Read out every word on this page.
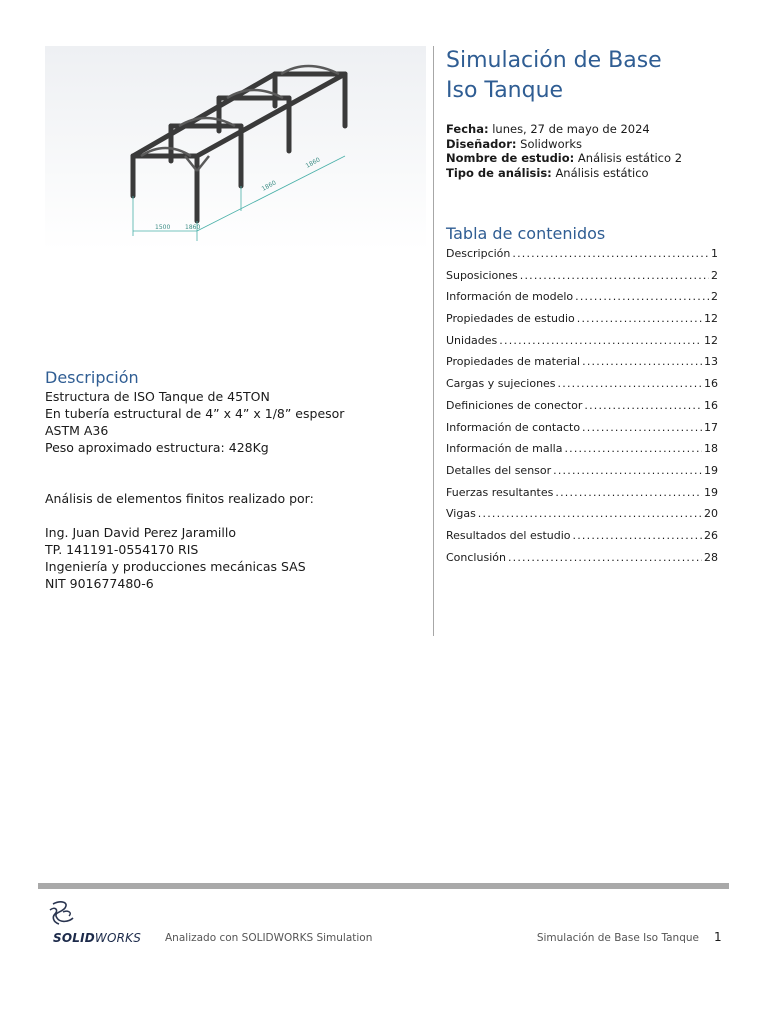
1500 1860
1860
1860
Simulación de Base
Iso Tanque
Fecha: lunes, 27 de mayo de 2024
Diseñador: Solidworks
Nombre de estudio: Análisis estático 2
Tipo de análisis: Análisis estático
Tabla de contenidos
Descripción .....	1
Suposiciones .....	2
Información de modelo .....	2
Propiedades de estudio .....	12
Unidades .....	12
Propiedades de material .....	13
Cargas y sujeciones .....	16
Definiciones de conector .....	16
Información de contacto .....	17
Información de malla .....	18
Detalles del sensor .....	19
Fuerzas resultantes .....	19
Vigas .....	20
Resultados del estudio .....	26
Conclusión .....	28
Descripción
Estructura de ISO Tanque de 45TON
En tubería estructural de 4” x 4” x 1/8” espesor
ASTM A36
Peso aproximado estructura: 428Kg
Análisis de elementos finitos realizado por:
Ing. Juan David Perez Jaramillo
TP. 141191-0554170 RIS
Ingeniería y producciones mecánicas SAS
NIT 901677480-6
SOLIDWORKS Analizado con SOLIDWORKS Simulation	Simulación de Base Iso Tanque 1
